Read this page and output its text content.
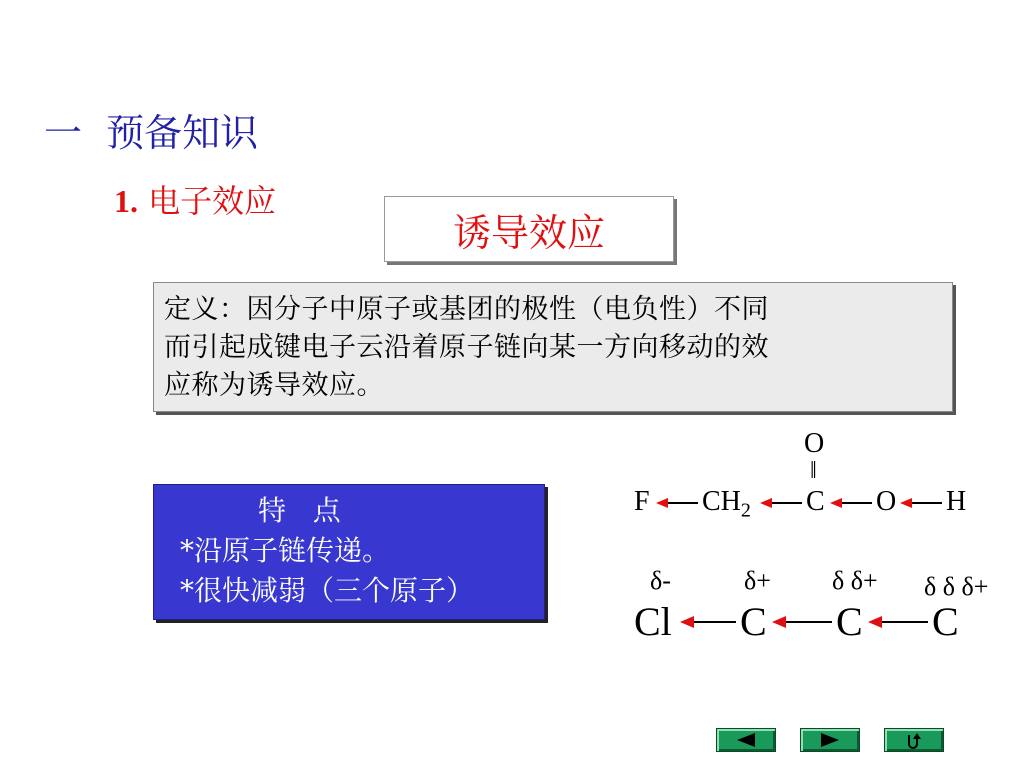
一  预备知识
1. 电子效应
诱导效应
定义：因分子中原子或基团的极性（电负性）不同
而引起成键电子云沿着原子链向某一方向移动的效
应称为诱导效应。
特   点
*沿原子链传递。
*很快减弱（三个原子）
O
‖
F $CH_2$ C O H
δ-	δ+ δ δ+ δ δ δ+
Cl C C C
